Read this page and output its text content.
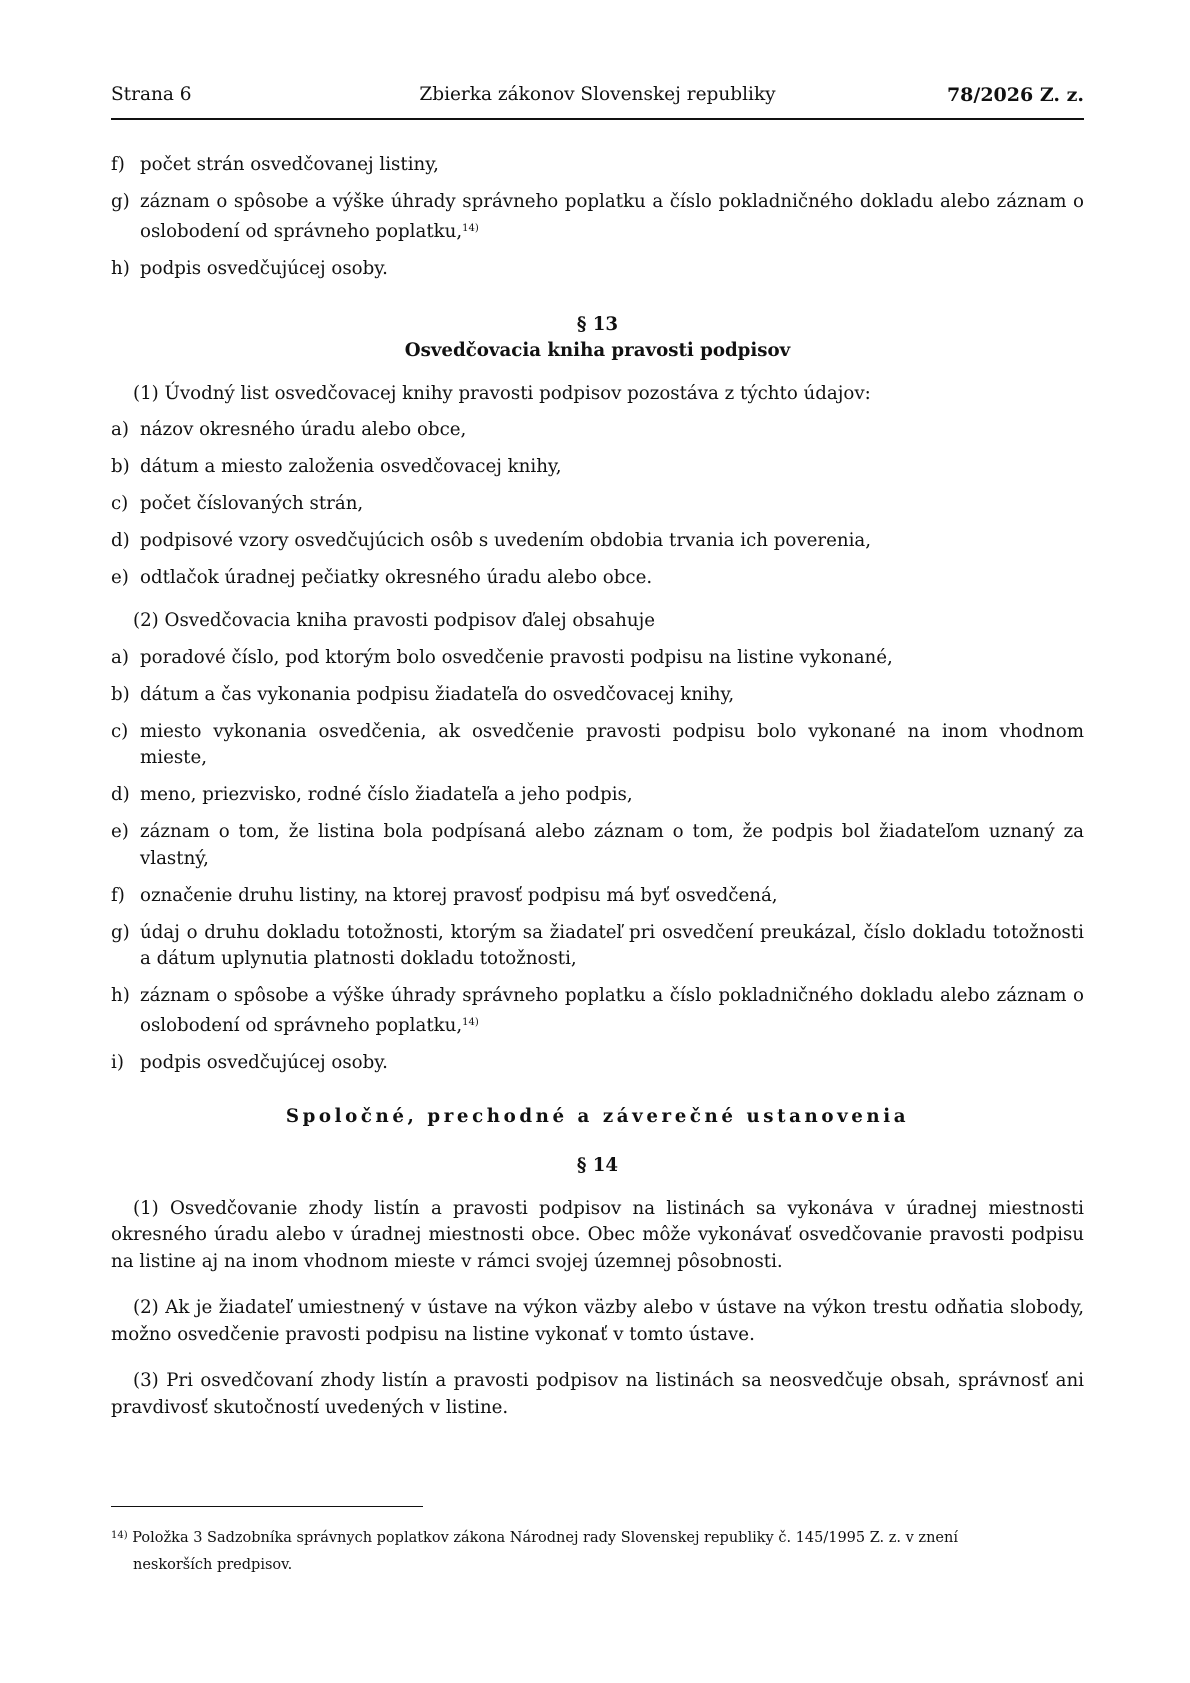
Strana 6	Zbierka zákonov Slovenskej republiky	78/2026 Z. z.
f) počet strán osvedčovanej listiny,
g) záznam o spôsobe a výške úhrady správneho poplatku a číslo pokladničného dokladu alebo záznam o oslobodení od správneho poplatku,$^{14)}$
h) podpis osvedčujúcej osoby.

§ 13

Osvedčovacia kniha pravosti podpisov

(1) Úvodný list osvedčovacej knihy pravosti podpisov pozostáva z týchto údajov:

a) názov okresného úradu alebo obce,
b) dátum a miesto založenia osvedčovacej knihy,
c) počet číslovaných strán,
d) podpisové vzory osvedčujúcich osôb s uvedením obdobia trvania ich poverenia,
e) odtlačok úradnej pečiatky okresného úradu alebo obce.

(2) Osvedčovacia kniha pravosti podpisov ďalej obsahuje

a) poradové číslo, pod ktorým bolo osvedčenie pravosti podpisu na listine vykonané,
b) dátum a čas vykonania podpisu žiadateľa do osvedčovacej knihy,
c) miesto vykonania osvedčenia, ak osvedčenie pravosti podpisu bolo vykonané na inom vhodnom mieste,
d) meno, priezvisko, rodné číslo žiadateľa a jeho podpis,
e) záznam o tom, že listina bola podpísaná alebo záznam o tom, že podpis bol žiadateľom uznaný za vlastný,
f) označenie druhu listiny, na ktorej pravosť podpisu má byť osvedčená,
g) údaj o druhu dokladu totožnosti, ktorým sa žiadateľ pri osvedčení preukázal, číslo dokladu totožnosti a dátum uplynutia platnosti dokladu totožnosti,
h) záznam o spôsobe a výške úhrady správneho poplatku a číslo pokladničného dokladu alebo záznam o oslobodení od správneho poplatku,$^{14)}$
i) podpis osvedčujúcej osoby.

Spoločné, prechodné a záverečné ustanovenia

§ 14

(1) Osvedčovanie zhody listín a pravosti podpisov na listinách sa vykonáva v úradnej miestnosti okresného úradu alebo v úradnej miestnosti obce. Obec môže vykonávať osvedčovanie pravosti podpisu na listine aj na inom vhodnom mieste v rámci svojej územnej pôsobnosti.

(2) Ak je žiadateľ umiestnený v ústave na výkon väzby alebo v ústave na výkon trestu odňatia slobody, možno osvedčenie pravosti podpisu na listine vykonať v tomto ústave.

(3) Pri osvedčovaní zhody listín a pravosti podpisov na listinách sa neosvedčuje obsah, správnosť ani pravdivosť skutočností uvedených v listine.

$^{14)}$ Položka 3 Sadzobníka správnych poplatkov zákona Národnej rady Slovenskej republiky č. 145/1995 Z. z. v znení
neskorších predpisov.
